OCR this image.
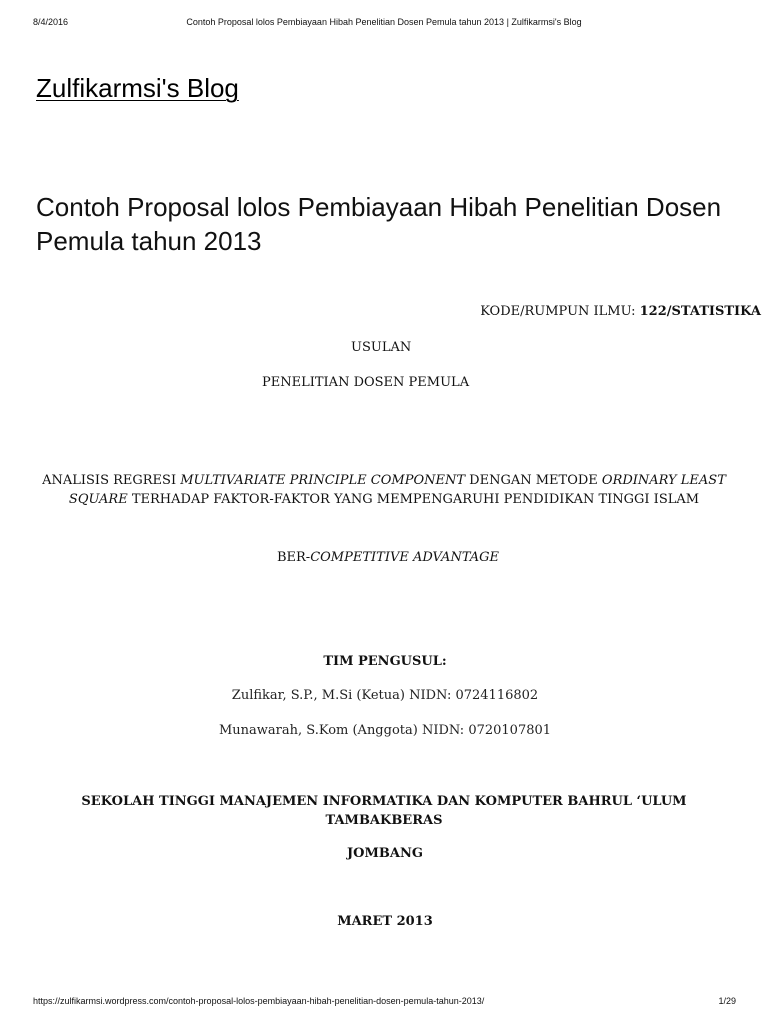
8/4/2016	Contoh Proposal lolos Pembiayaan Hibah Penelitian Dosen Pemula tahun 2013 | Zulfikarmsi's Blog
Zulfikarmsi's Blog
Contoh Proposal lolos Pembiayaan Hibah Penelitian Dosen Pemula tahun 2013
KODE/RUMPUN ILMU: 122/STATISTIKA
USULAN
PENELITIAN DOSEN PEMULA
ANALISIS REGRESI MULTIVARIATE PRINCIPLE COMPONENT DENGAN METODE ORDINARY LEAST SQUARE TERHADAP FAKTOR-FAKTOR YANG MEMPENGARUHI PENDIDIKAN TINGGI ISLAM
BER-COMPETITIVE ADVANTAGE
TIM PENGUSUL:
Zulfikar, S.P., M.Si (Ketua) NIDN: 0724116802
Munawarah, S.Kom (Anggota) NIDN: 0720107801
SEKOLAH TINGGI MANAJEMEN INFORMATIKA DAN KOMPUTER BAHRUL ‘ULUM TAMBAKBERAS
JOMBANG
MARET 2013
https://zulfikarmsi.wordpress.com/contoh-proposal-lolos-pembiayaan-hibah-penelitian-dosen-pemula-tahun-2013/	1/29
